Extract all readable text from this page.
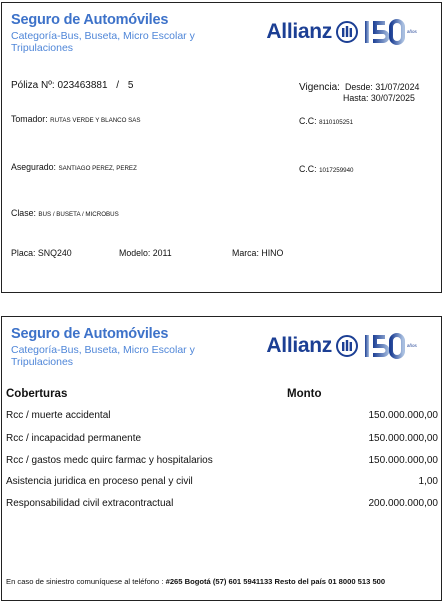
Seguro de Automóviles
Categoría-Bus, Buseta, Micro Escolar y Tripulaciones
Allianz	años
Póliza Nº: 023463881 / 5	Vigencia: Desde: 31/07/2024
Hasta: 30/07/2025
Tomador: RUTAS VERDE Y BLANCO SAS	C.C: 8110105251
Asegurado: SANTIAGO PEREZ, PEREZ	C.C: 1017259940
Clase: BUS / BUSETA / MICROBUS
Placa: SNQ240	Modelo: 2011	Marca: HINO
Seguro de Automóviles
Categoría-Bus, Buseta, Micro Escolar y Tripulaciones
Allianz	años
Coberturas	Monto
Rcc / muerte accidental	150.000.000,00
Rcc / incapacidad permanente	150.000.000,00
Rcc / gastos medc quirc farmac y hospitalarios	150.000.000,00
Asistencia juridica en proceso penal y civil	1,00
Responsabilidad civil extracontractual	200.000.000,00
En caso de siniestro comuníquese al teléfono : #265 Bogotá (57) 601 5941133 Resto del país 01 8000 513 500
